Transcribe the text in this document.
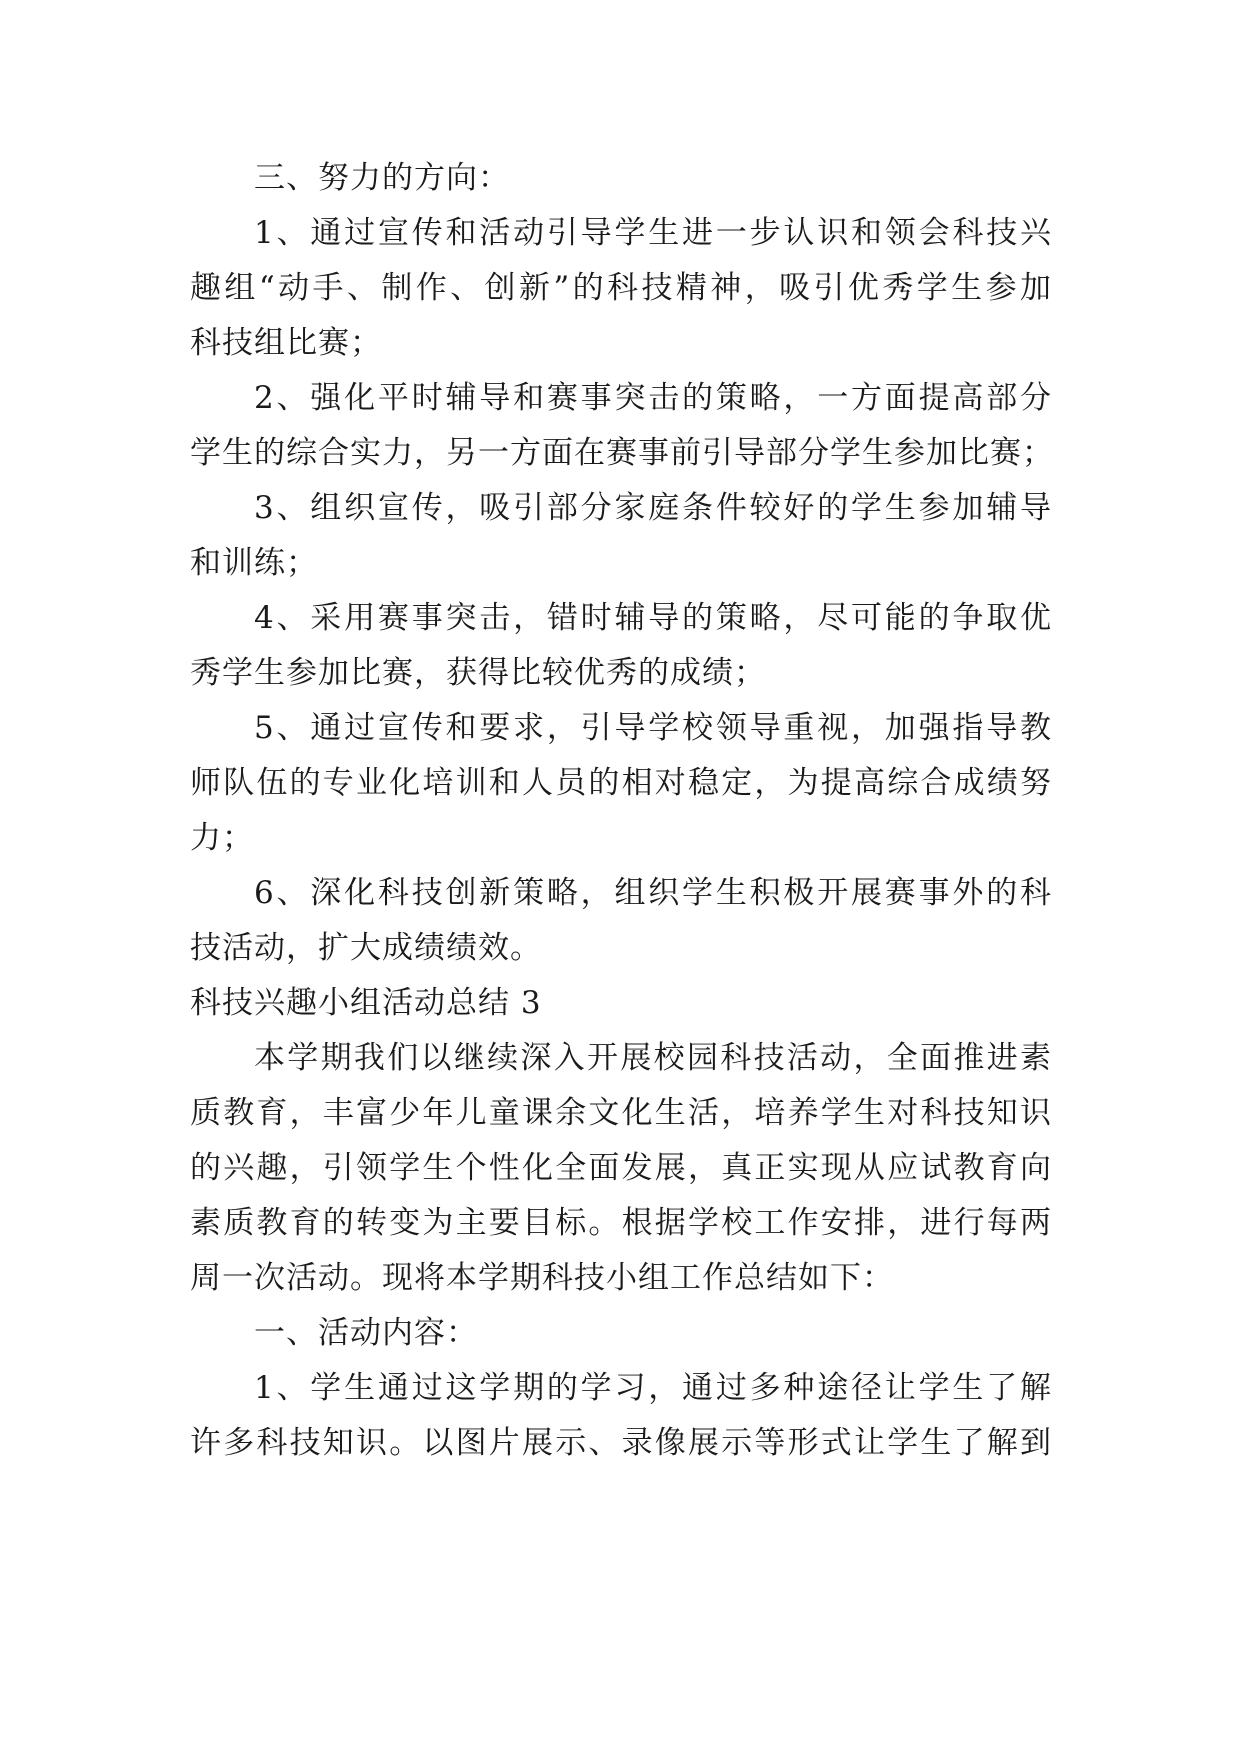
三、努力的方向：
1、通过宣传和活动引导学生进一步认识和领会科技兴
趣组“动手、制作、创新”的科技精神，吸引优秀学生参加
科技组比赛；
2、强化平时辅导和赛事突击的策略，一方面提高部分
学生的综合实力，另一方面在赛事前引导部分学生参加比赛；
3、组织宣传，吸引部分家庭条件较好的学生参加辅导
和训练；
4、采用赛事突击，错时辅导的策略，尽可能的争取优
秀学生参加比赛，获得比较优秀的成绩；
5、通过宣传和要求，引导学校领导重视，加强指导教
师队伍的专业化培训和人员的相对稳定，为提高综合成绩努
力；
6、深化科技创新策略，组织学生积极开展赛事外的科
技活动，扩大成绩绩效。
科技兴趣小组活动总结 3
本学期我们以继续深入开展校园科技活动，全面推进素
质教育，丰富少年儿童课余文化生活，培养学生对科技知识
的兴趣，引领学生个性化全面发展，真正实现从应试教育向
素质教育的转变为主要目标。根据学校工作安排，进行每两
周一次活动。现将本学期科技小组工作总结如下：
一、活动内容：
1、学生通过这学期的学习，通过多种途径让学生了解
许多科技知识。以图片展示、录像展示等形式让学生了解到
